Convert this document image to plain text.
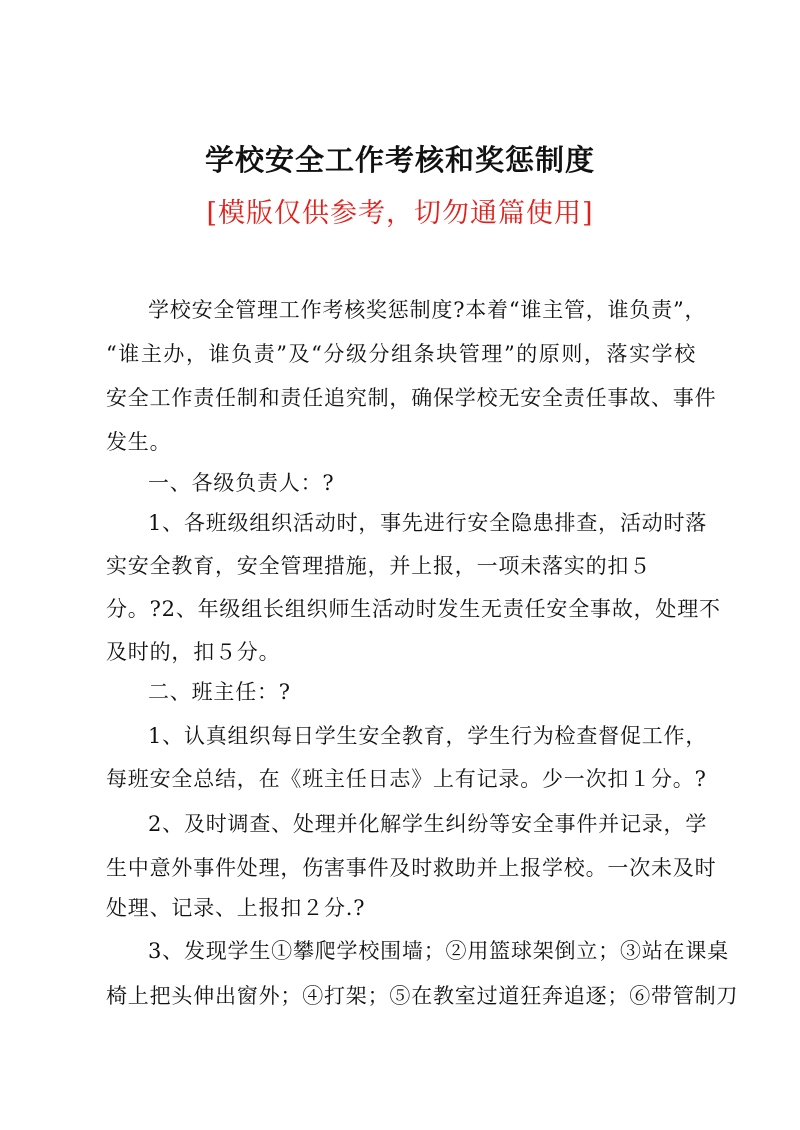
学校安全工作考核和奖惩制度
[模版仅供参考，切勿通篇使用]
学校安全管理工作考核奖惩制度?本着“谁主管，谁负责”，
“谁主办，谁负责”及“分级分组条块管理”的原则，落实学校
安全工作责任制和责任追究制，确保学校无安全责任事故、事件
发生。
一、各级负责人：?
1、各班级组织活动时，事先进行安全隐患排查，活动时落
实安全教育，安全管理措施，并上报，一项未落实的扣５
分。?2、年级组长组织师生活动时发生无责任安全事故，处理不
及时的，扣５分。
二、班主任：?
1、认真组织每日学生安全教育，学生行为检查督促工作，
每班安全总结，在《班主任日志》上有记录。少一次扣１分。?
2、及时调查、处理并化解学生纠纷等安全事件并记录，学
生中意外事件处理，伤害事件及时救助并上报学校。一次未及时
处理、记录、上报扣２分.?
3、发现学生①攀爬学校围墙；②用篮球架倒立；③站在课桌
椅上把头伸出窗外；④打架；⑤在教室过道狂奔追逐；⑥带管制刀
